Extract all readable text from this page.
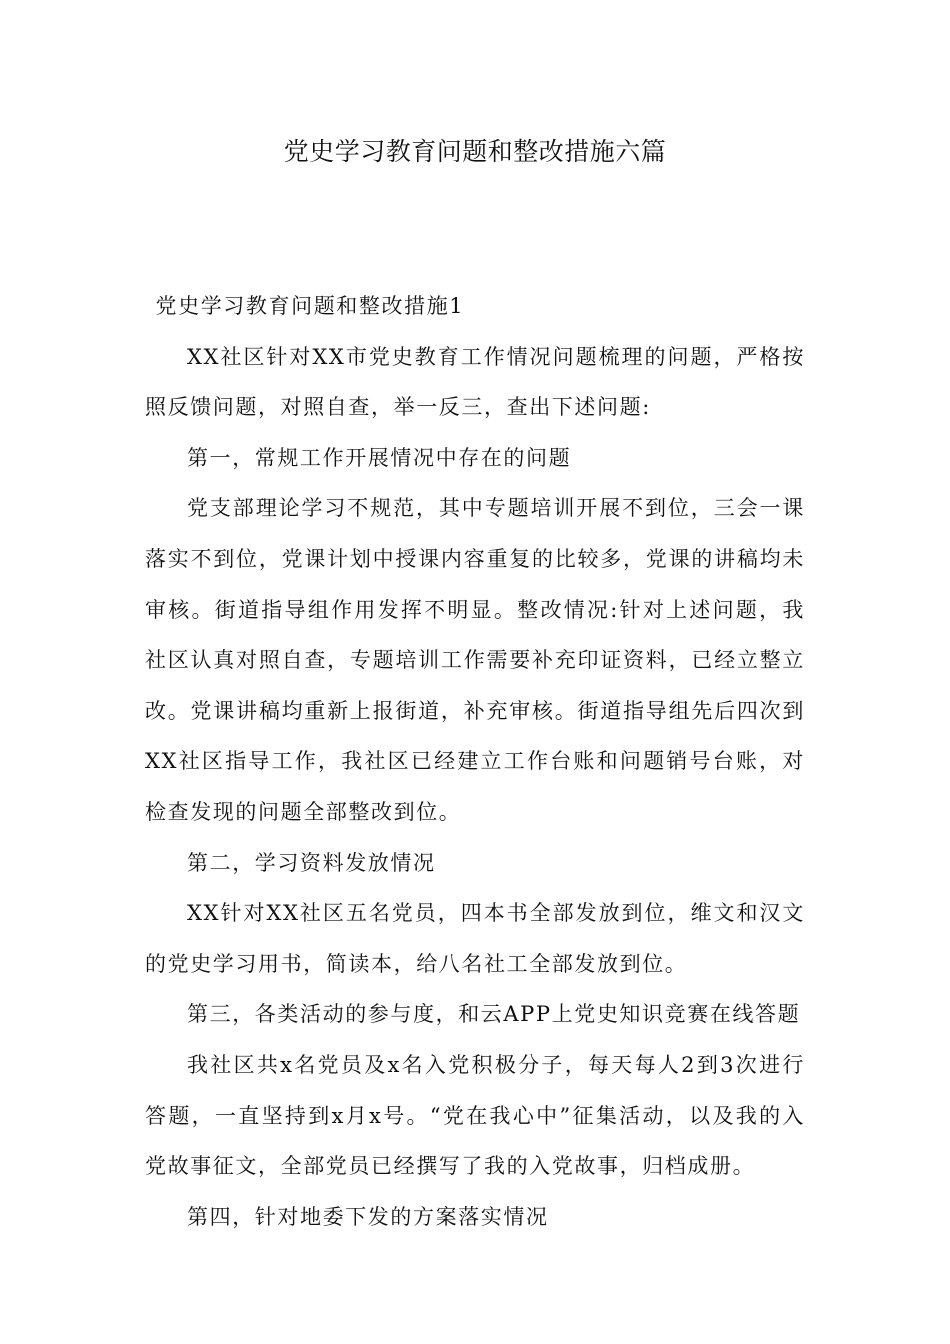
党史学习教育问题和整改措施六篇

党史学习教育问题和整改措施1

XX社区针对XX市党史教育工作情况问题梳理的问题，严格按照反馈问题，对照自查，举一反三，查出下述问题:

第一，常规工作开展情况中存在的问题

党支部理论学习不规范，其中专题培训开展不到位，三会一课落实不到位，党课计划中授课内容重复的比较多，党课的讲稿均未审核。街道指导组作用发挥不明显。整改情况:针对上述问题，我社区认真对照自查，专题培训工作需要补充印证资料，已经立整立改。党课讲稿均重新上报街道，补充审核。街道指导组先后四次到XX社区指导工作，我社区已经建立工作台账和问题销号台账，对检查发现的问题全部整改到位。

第二，学习资料发放情况

XX针对XX社区五名党员，四本书全部发放到位，维文和汉文的党史学习用书，简读本，给八名社工全部发放到位。

第三，各类活动的参与度，和云APP上党史知识竞赛在线答题

我社区共x名党员及x名入党积极分子，每天每人2到3次进行答题，一直坚持到x月x号。“党在我心中”征集活动，以及我的入党故事征文，全部党员已经撰写了我的入党故事，归档成册。

第四，针对地委下发的方案落实情况
